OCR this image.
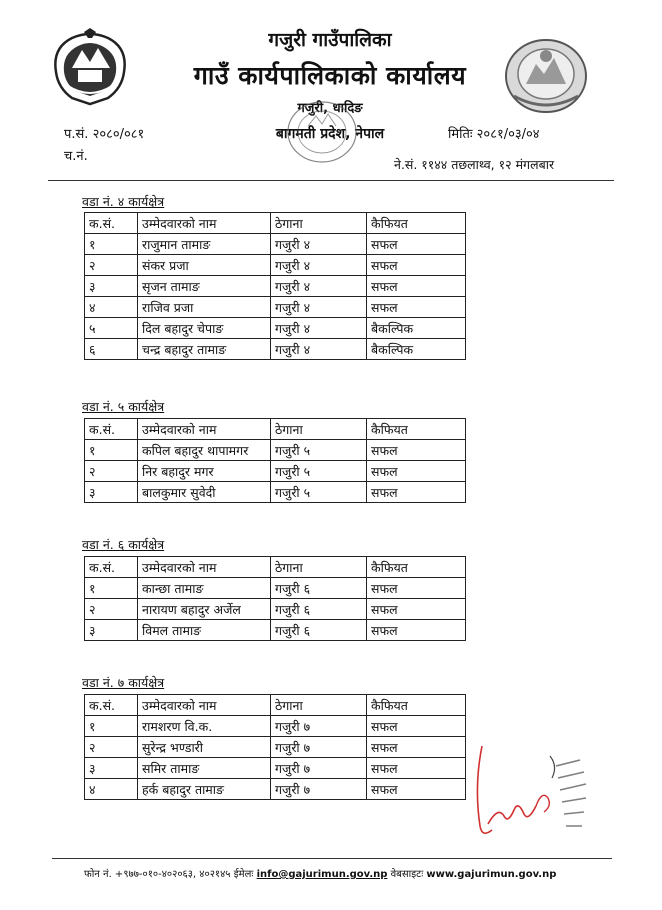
गजुरी गाउँपालिका
गाउँ कार्यपालिकाको कार्यालय
गजुरी, धादिङ
बागमती प्रदेश, नेपाल
प.सं. २०८०/०८१
च.नं.
मितिः २०८१/०३/०४
ने.सं. ११४४ तछलाथ्व, १२ मंगलबार
वडा नं. ४ कार्यक्षेत्र
क.सं.	उम्मेदवारको नाम	ठेगाना	कैफियत
१	राजुमान तामाङ	गजुरी ४	सफल
२	संकर प्रजा	गजुरी ४	सफल
३	सृजन तामाङ	गजुरी ४	सफल
४	राजिव प्रजा	गजुरी ४	सफल
५	दिल बहादुर चेपाङ	गजुरी ४	बैकल्पिक
६	चन्द्र बहादुर तामाङ	गजुरी ४	बैकल्पिक
वडा नं. ५ कार्यक्षेत्र
क.सं.	उम्मेदवारको नाम	ठेगाना	कैफियत
१	कपिल बहादुर थापामगर	गजुरी ५	सफल
२	निर बहादुर मगर	गजुरी ५	सफल
३	बालकुमार सुवेदी	गजुरी ५	सफल
वडा नं. ६ कार्यक्षेत्र
क.सं.	उम्मेदवारको नाम	ठेगाना	कैफियत
१	कान्छा तामाङ	गजुरी ६	सफल
२	नारायण बहादुर अर्जेल	गजुरी ६	सफल
३	विमल तामाङ	गजुरी ६	सफल
वडा नं. ७ कार्यक्षेत्र
क.सं.	उम्मेदवारको नाम	ठेगाना	कैफियत
१	रामशरण वि.क.	गजुरी ७	सफल
२	सुरेन्द्र भण्डारी	गजुरी ७	सफल
३	समिर तामाङ	गजुरी ७	सफल
४	हर्क बहादुर तामाङ	गजुरी ७	सफल
फोन नं. +९७७-०१०-४०२०६३, ४०२१४५ ईमेलः info@gajurimun.gov.np वेबसाइटः www.gajurimun.gov.np
